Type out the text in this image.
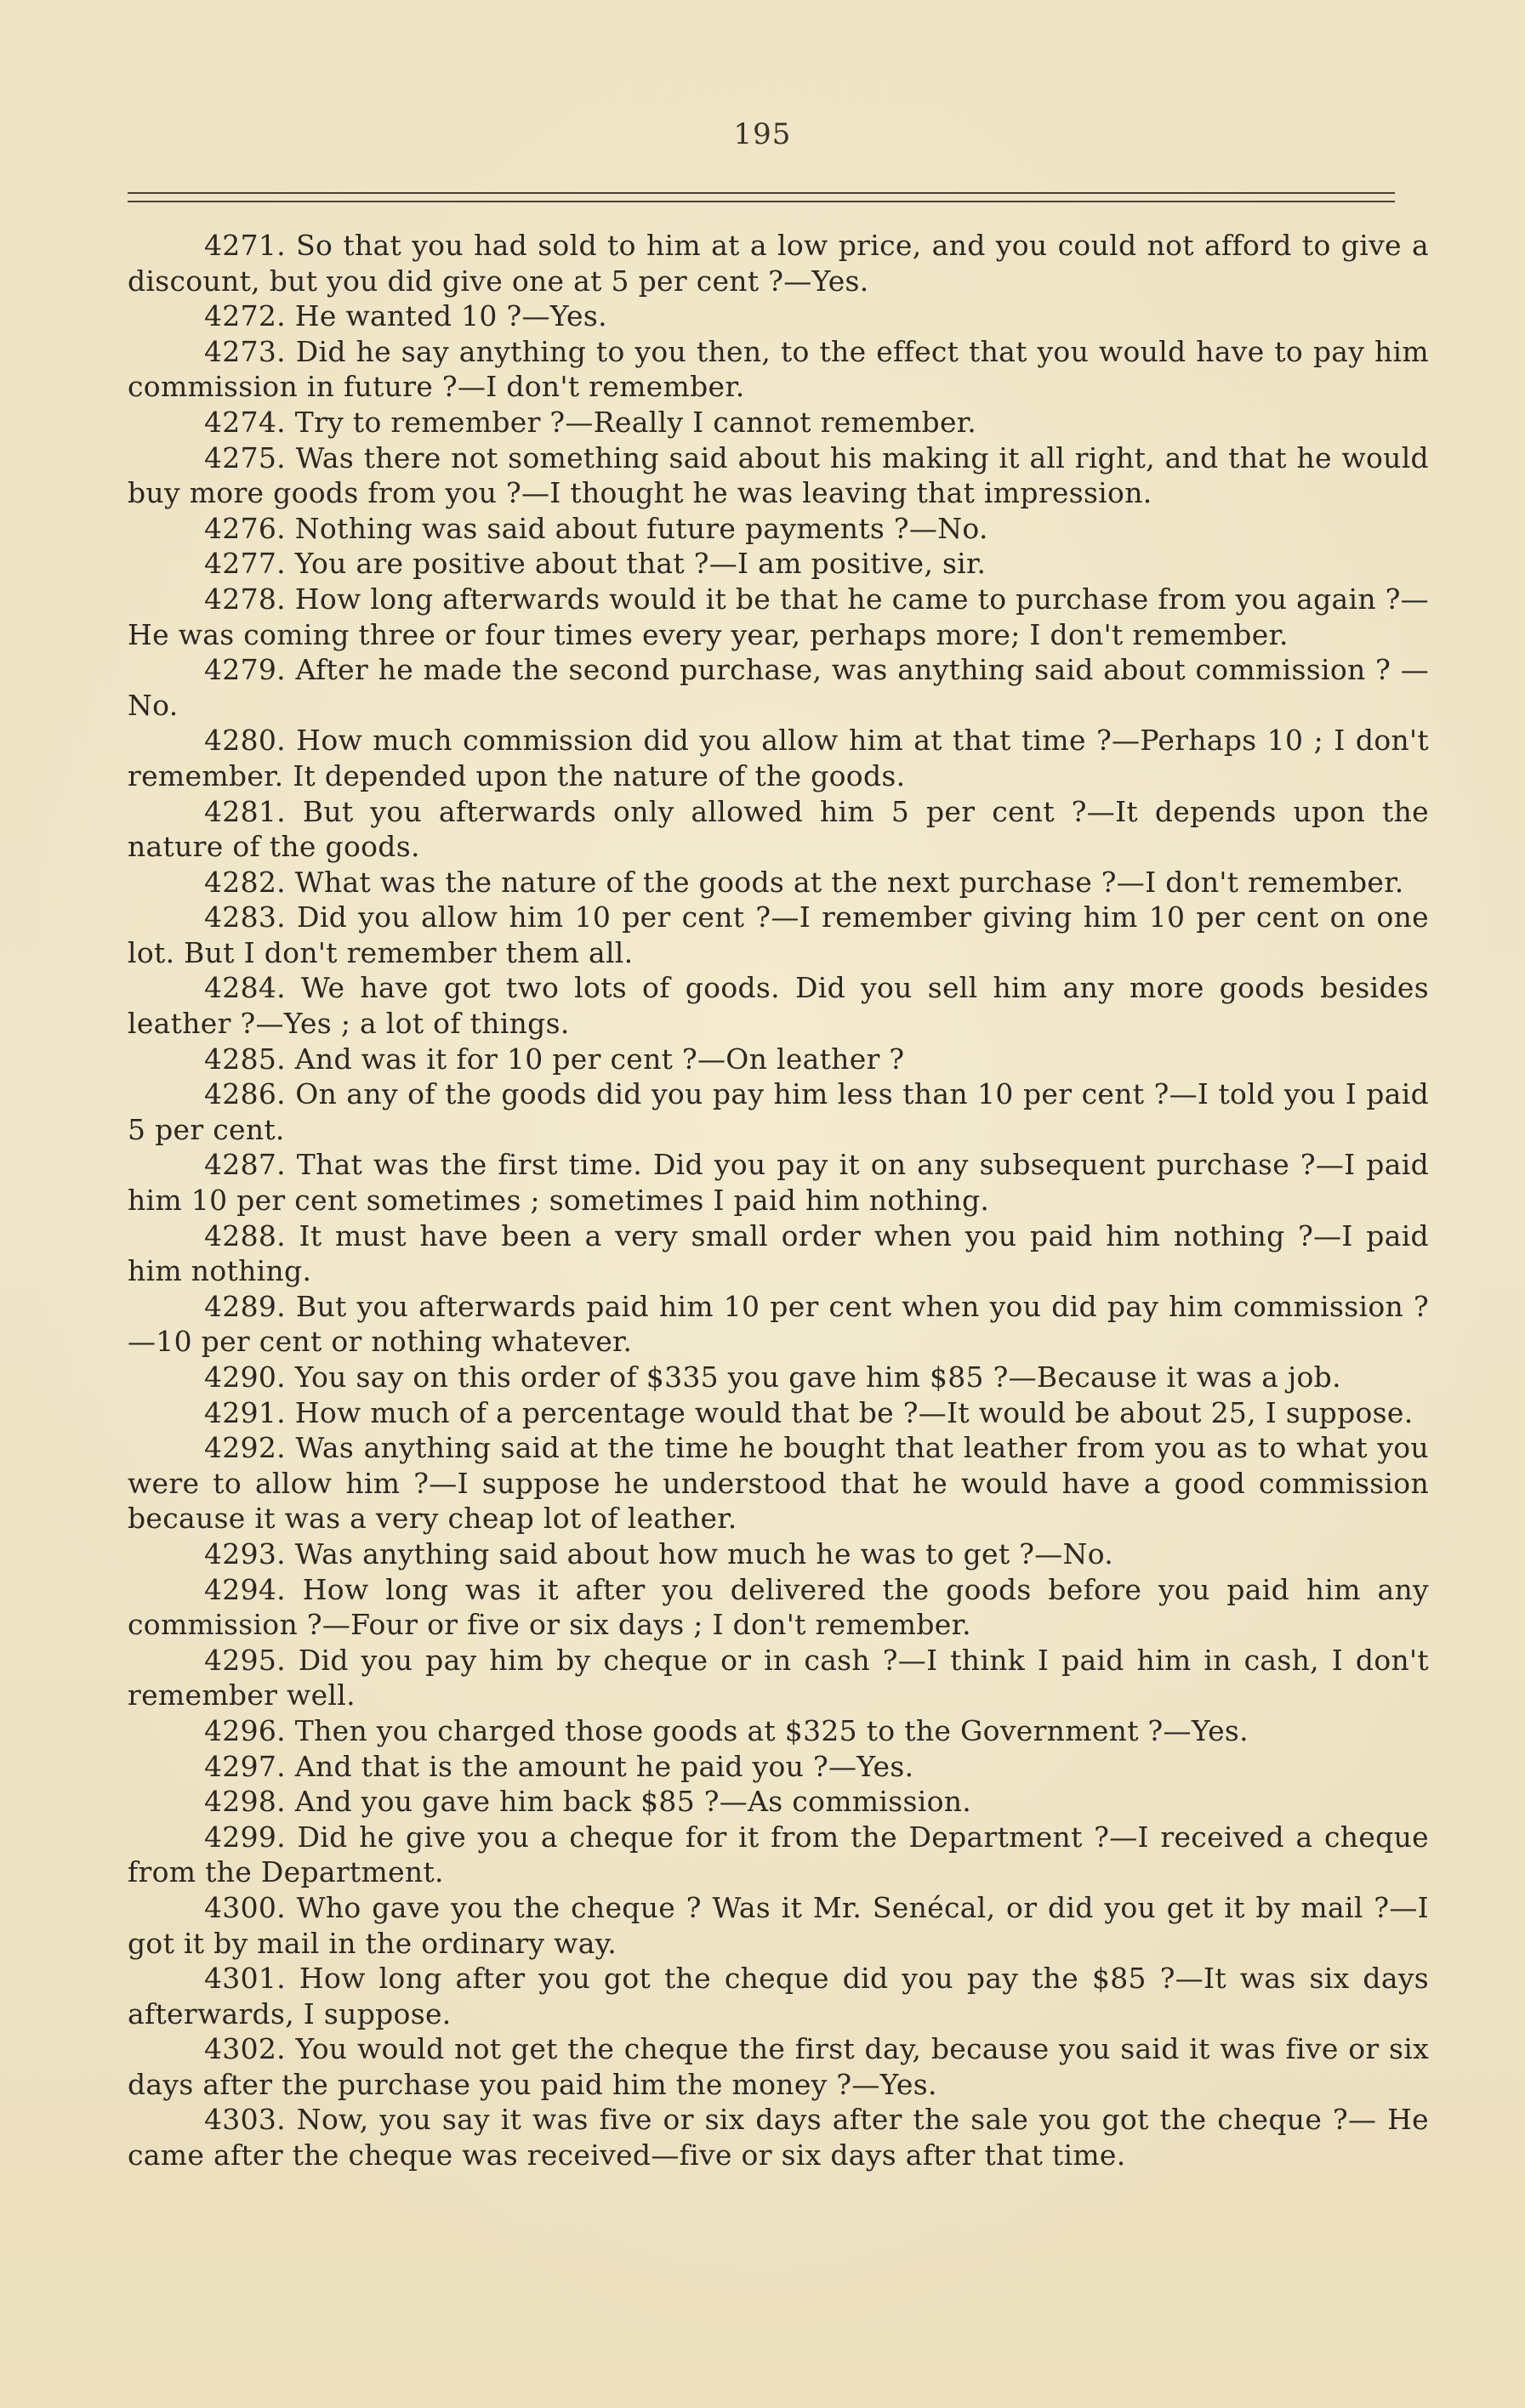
195

4271. So that you had sold to him at a low price, and you could not afford to give a discount, but you did give one at 5 per cent ?—Yes.

4272. He wanted 10 ?—Yes.

4273. Did he say anything to you then, to the effect that you would have to pay him commission in future ?—I don't remember.

4274. Try to remember ?—Really I cannot remember.

4275. Was there not something said about his making it all right, and that he would buy more goods from you ?—I thought he was leaving that impression.

4276. Nothing was said about future payments ?—No.

4277. You are positive about that ?—I am positive, sir.

4278. How long afterwards would it be that he came to purchase from you again ?—He was coming three or four times every year, perhaps more; I don't remember.

4279. After he made the second purchase, was anything said about commission ? —No.

4280. How much commission did you allow him at that time ?—Perhaps 10 ; I don't remember. It depended upon the nature of the goods.

4281. But you afterwards only allowed him 5 per cent ?—It depends upon the nature of the goods.

4282. What was the nature of the goods at the next purchase ?—I don't remember.

4283. Did you allow him 10 per cent ?—I remember giving him 10 per cent on one lot. But I don't remember them all.

4284. We have got two lots of goods. Did you sell him any more goods besides leather ?—Yes ; a lot of things.

4285. And was it for 10 per cent ?—On leather ?

4286. On any of the goods did you pay him less than 10 per cent ?—I told you I paid 5 per cent.

4287. That was the first time. Did you pay it on any subsequent purchase ?—I paid him 10 per cent sometimes ; sometimes I paid him nothing.

4288. It must have been a very small order when you paid him nothing ?—I paid him nothing.

4289. But you afterwards paid him 10 per cent when you did pay him commission ?—10 per cent or nothing whatever.

4290. You say on this order of $335 you gave him $85 ?—Because it was a job.

4291. How much of a percentage would that be ?—It would be about 25, I suppose.

4292. Was anything said at the time he bought that leather from you as to what you were to allow him ?—I suppose he understood that he would have a good commission because it was a very cheap lot of leather.

4293. Was anything said about how much he was to get ?—No.

4294. How long was it after you delivered the goods before you paid him any commission ?—Four or five or six days ; I don't remember.

4295. Did you pay him by cheque or in cash ?—I think I paid him in cash, I don't remember well.

4296. Then you charged those goods at $325 to the Government ?—Yes.

4297. And that is the amount he paid you ?—Yes.

4298. And you gave him back $85 ?—As commission.

4299. Did he give you a cheque for it from the Department ?—I received a cheque from the Department.

4300. Who gave you the cheque ? Was it Mr. Senécal, or did you get it by mail ?—I got it by mail in the ordinary way.

4301. How long after you got the cheque did you pay the $85 ?—It was six days afterwards, I suppose.

4302. You would not get the cheque the first day, because you said it was five or six days after the purchase you paid him the money ?—Yes.

4303. Now, you say it was five or six days after the sale you got the cheque ?— He came after the cheque was received—five or six days after that time.
